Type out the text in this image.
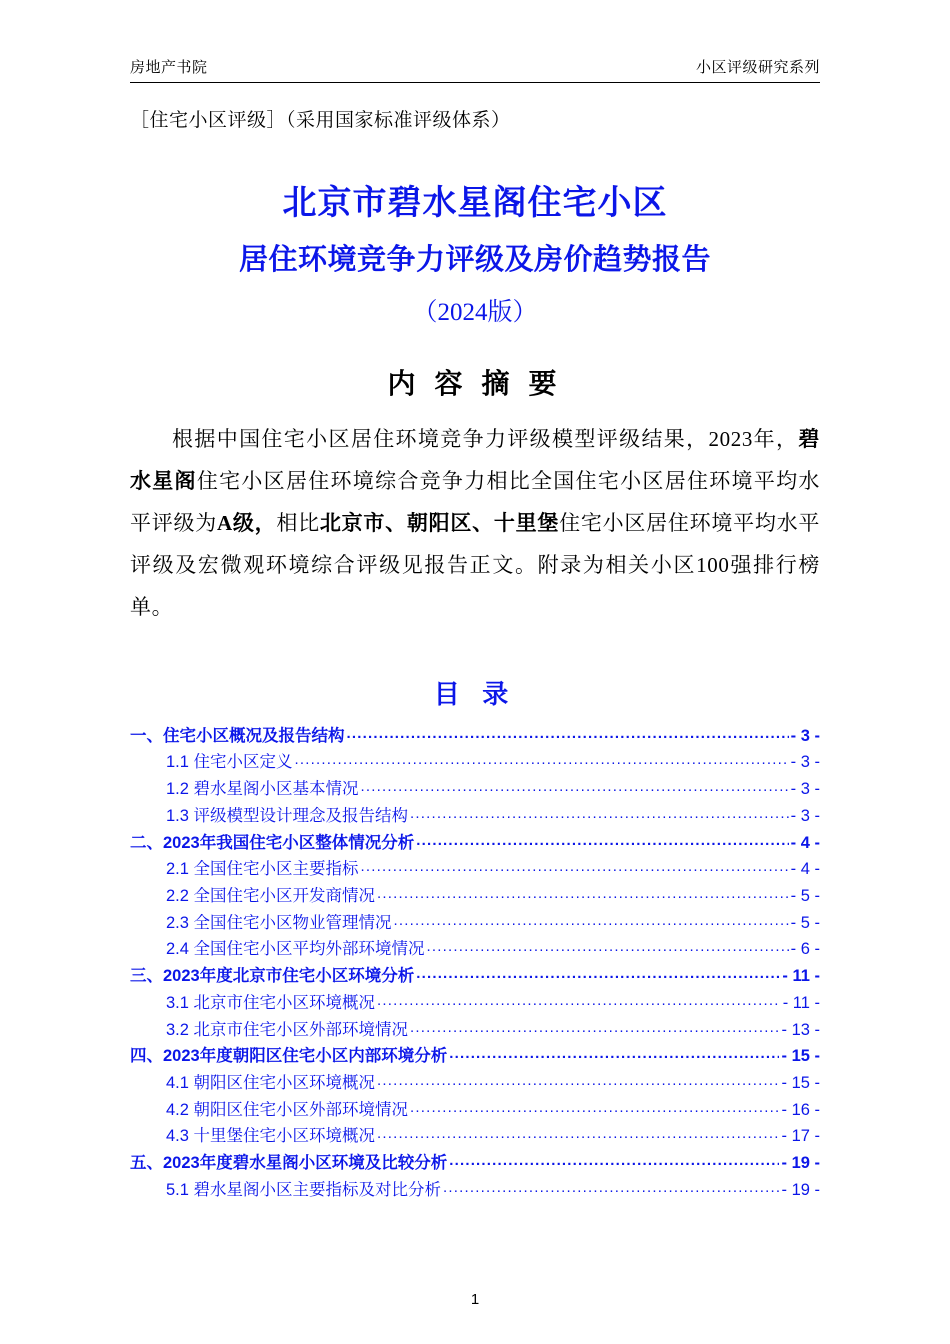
房地产书院	小区评级研究系列
［住宅小区评级］（采用国家标准评级体系）
北京市碧水星阁住宅小区
居住环境竞争力评级及房价趋势报告
（2024版）
内 容 摘 要
根据中国住宅小区居住环境竞争力评级模型评级结果，2023年，碧水星阁住宅小区居住环境综合竞争力相比全国住宅小区居住环境平均水平评级为A级，相比北京市、朝阳区、十里堡住宅小区居住环境平均水平评级及宏微观环境综合评级见报告正文。附录为相关小区100强排行榜单。
目 录
一、住宅小区概况及报告结构 .....	- 3 -
1.1 住宅小区定义 .....	- 3 -
1.2 碧水星阁小区基本情况 .....	- 3 -
1.3 评级模型设计理念及报告结构 .....	- 3 -
二、2023年我国住宅小区整体情况分析 .....	- 4 -
2.1 全国住宅小区主要指标 .....	- 4 -
2.2 全国住宅小区开发商情况 .....	- 5 -
2.3 全国住宅小区物业管理情况 .....	- 5 -
2.4 全国住宅小区平均外部环境情况 .....	- 6 -
三、2023年度北京市住宅小区环境分析 .....	- 11 -
3.1 北京市住宅小区环境概况 .....	- 11 -
3.2 北京市住宅小区外部环境情况 .....	- 13 -
四、2023年度朝阳区住宅小区内部环境分析 .....	- 15 -
4.1 朝阳区住宅小区环境概况 .....	- 15 -
4.2 朝阳区住宅小区外部环境情况 .....	- 16 -
4.3 十里堡住宅小区环境概况 .....	- 17 -
五、2023年度碧水星阁小区环境及比较分析 .....	- 19 -
5.1 碧水星阁小区主要指标及对比分析 .....	- 19 -
1
